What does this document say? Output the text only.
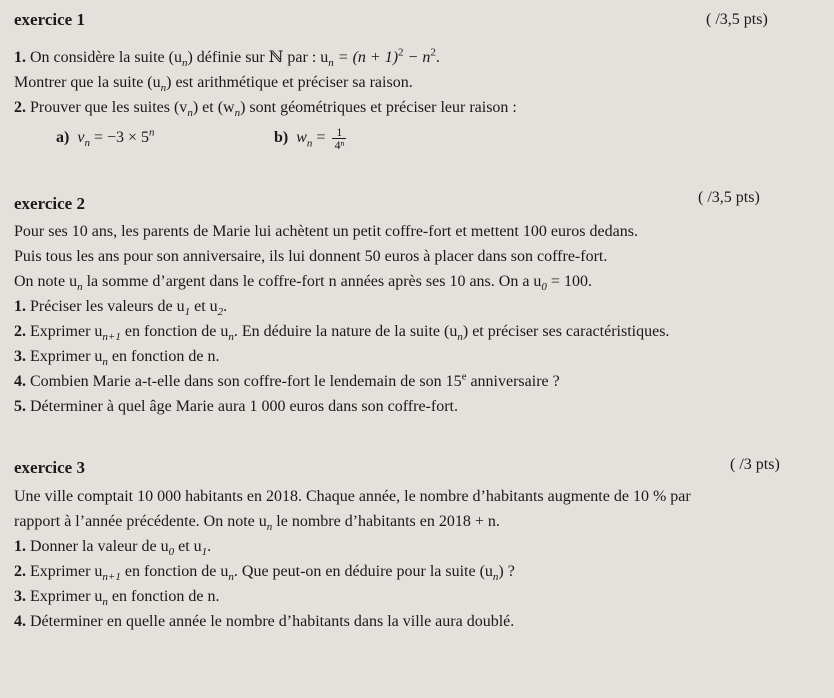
exercice 1	( /3,5 pts)
1. On considère la suite $(u_n)$ définie sur ℕ par : $u_n = (n + 1)^2 - n^2$.
Montrer que la suite $(u_n)$ est arithmétique et préciser sa raison.
2. Prouver que les suites $(v_n)$ et $(w_n)$ sont géométriques et préciser leur raison :
a) $v_n = -3 \times 5^n$	b) $w_n = \frac{1}{\text{4ⁿ}}$
exercice 2	( /3,5 pts)
Pour ses 10 ans, les parents de Marie lui achètent un petit coffre-fort et mettent 100 euros dedans.
Puis tous les ans pour son anniversaire, ils lui donnent 50 euros à placer dans son coffre-fort.
On note $u_n$ la somme d’argent dans le coffre-fort n années après ses 10 ans. On a $u_0 = 100$.
1. Préciser les valeurs de $u_1$ et $u_2$.
2. Exprimer $u_{n+1}$ en fonction de $u_n$. En déduire la nature de la suite $(u_n)$ et préciser ses caractéristiques.
3. Exprimer $u_n$ en fonction de n.
4. Combien Marie a-t-elle dans son coffre-fort le lendemain de son 15e anniversaire ?
5. Déterminer à quel âge Marie aura 1 000 euros dans son coffre-fort.
exercice 3	( /3 pts)
Une ville comptait 10 000 habitants en 2018. Chaque année, le nombre d’habitants augmente de 10 % par
rapport à l’année précédente. On note $u_n$ le nombre d’habitants en 2018 + n.
1. Donner la valeur de $u_0$ et $u_1$.
2. Exprimer $u_{n+1}$ en fonction de $u_n$. Que peut-on en déduire pour la suite $(u_n)$ ?
3. Exprimer $u_n$ en fonction de n.
4. Déterminer en quelle année le nombre d’habitants dans la ville aura doublé.
